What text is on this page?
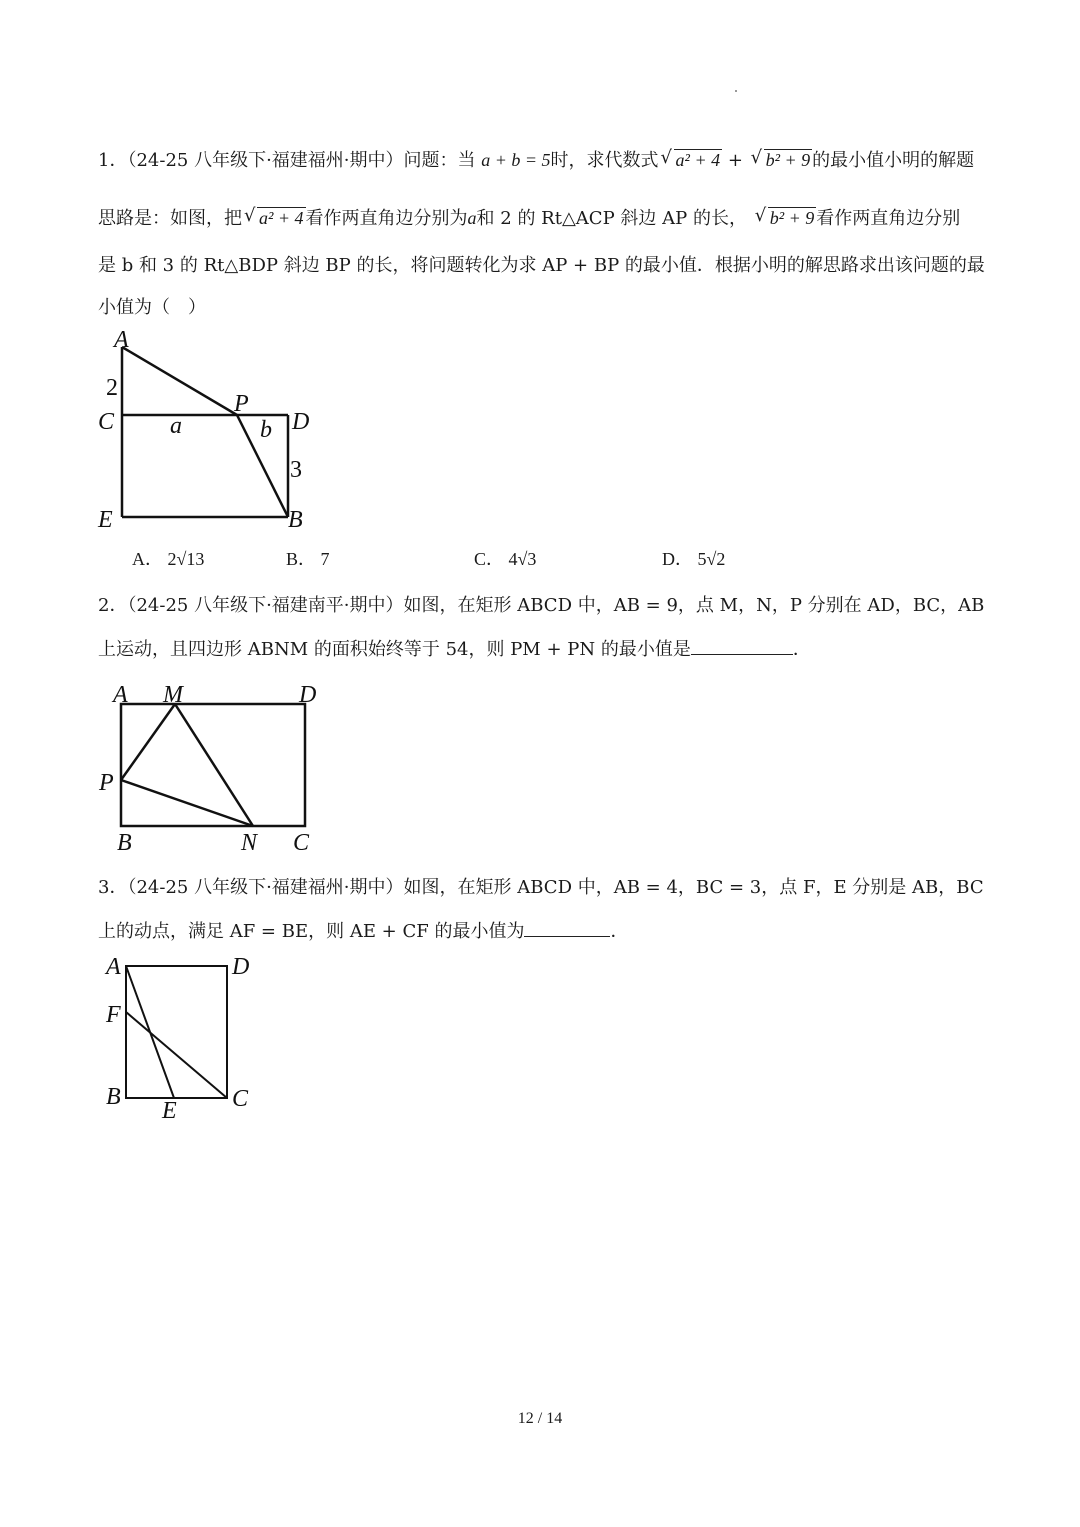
1．（24-25 八年级下·福建福州·期中）问题：当 a + b = 5时，求代数式 √ a² + 4 + √ b² + 9 的最小值小明的解题
思路是：如图，把 √ a² + 4 看作两直角边分别为a和 2 的 Rt△ACP 斜边 AP 的长， √ b² + 9 看作两直角边分别
是 b 和 3 的 Rt△BDP 斜边 BP 的长，将问题转化为求 AP + BP 的最小值．根据小明的解思路求出该问题的最
小值为（　）
A
2
C a
P
b D
3
E	B
A． 2√13	B． 7	C． 4√3	D． 5√2
2．（24-25 八年级下·福建南平·期中）如图，在矩形 ABCD 中，AB = 9，点 M，N，P 分别在 AD，BC，AB
上运动，且四边形 ABNM 的面积始终等于 54，则 PM + PN 的最小值是	．
A M	D
P
B	N C
3．（24-25 八年级下·福建福州·期中）如图，在矩形 ABCD 中，AB = 4，BC = 3，点 F，E 分别是 AB，BC
上的动点，满足 AF = BE，则 AE + CF 的最小值为	．
A	D
F
B
E C
12 / 14
